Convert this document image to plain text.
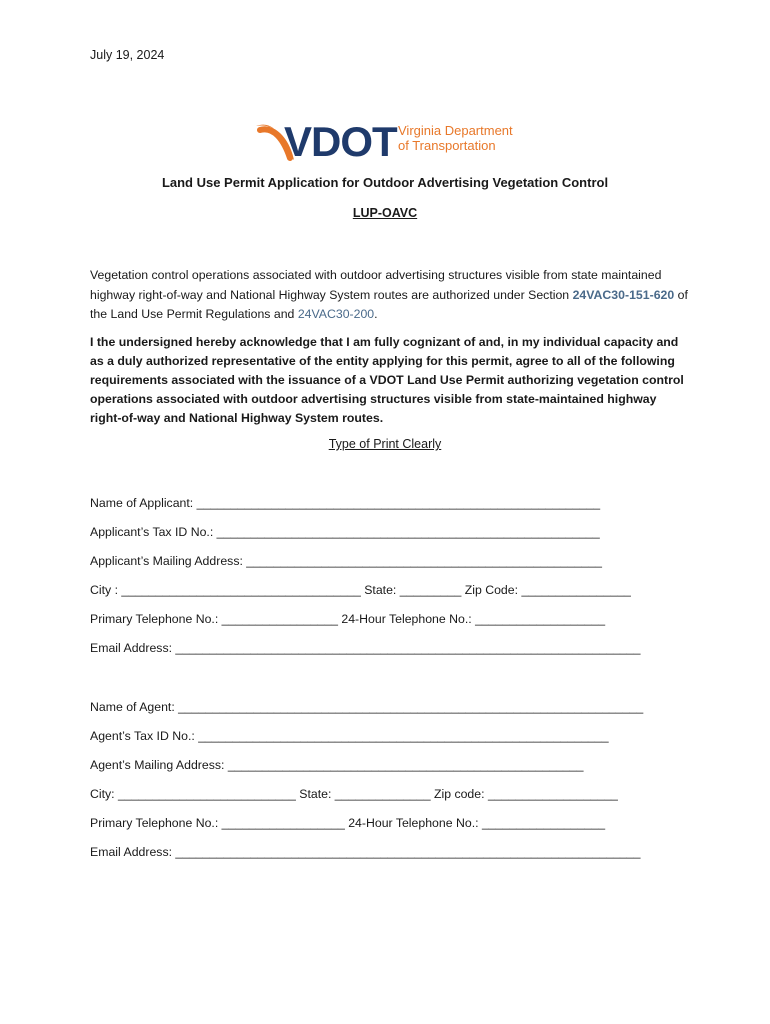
July 19, 2024
VDOT Virginia Department
of Transportation
Land Use Permit Application for Outdoor Advertising Vegetation Control
LUP-OAVC
Vegetation control operations associated with outdoor advertising structures visible from state maintained highway right-of-way and National Highway System routes are authorized under Section 24VAC30-151-620 of the Land Use Permit Regulations and 24VAC30-200.
I the undersigned hereby acknowledge that I am fully cognizant of and, in my individual capacity and as a duly authorized representative of the entity applying for this permit, agree to all of the following requirements associated with the issuance of a VDOT Land Use Permit authorizing vegetation control operations associated with outdoor advertising structures visible from state-maintained highway right-of-way and National Highway System routes.
Type of Print Clearly
Name of Applicant: ___________________________________________________________
Applicant’s Tax ID No.: ________________________________________________________
Applicant’s Mailing Address: ____________________________________________________
City : ___________________________________ State: _________ Zip Code: ________________
Primary Telephone No.: _________________ 24-Hour Telephone No.: ___________________
Email Address: ____________________________________________________________________
Name of Agent: ____________________________________________________________________
Agent’s Tax ID No.: ____________________________________________________________
Agent’s Mailing Address: ____________________________________________________
City: __________________________ State: ______________ Zip code: ___________________
Primary Telephone No.: __________________ 24-Hour Telephone No.: __________________
Email Address: ____________________________________________________________________
